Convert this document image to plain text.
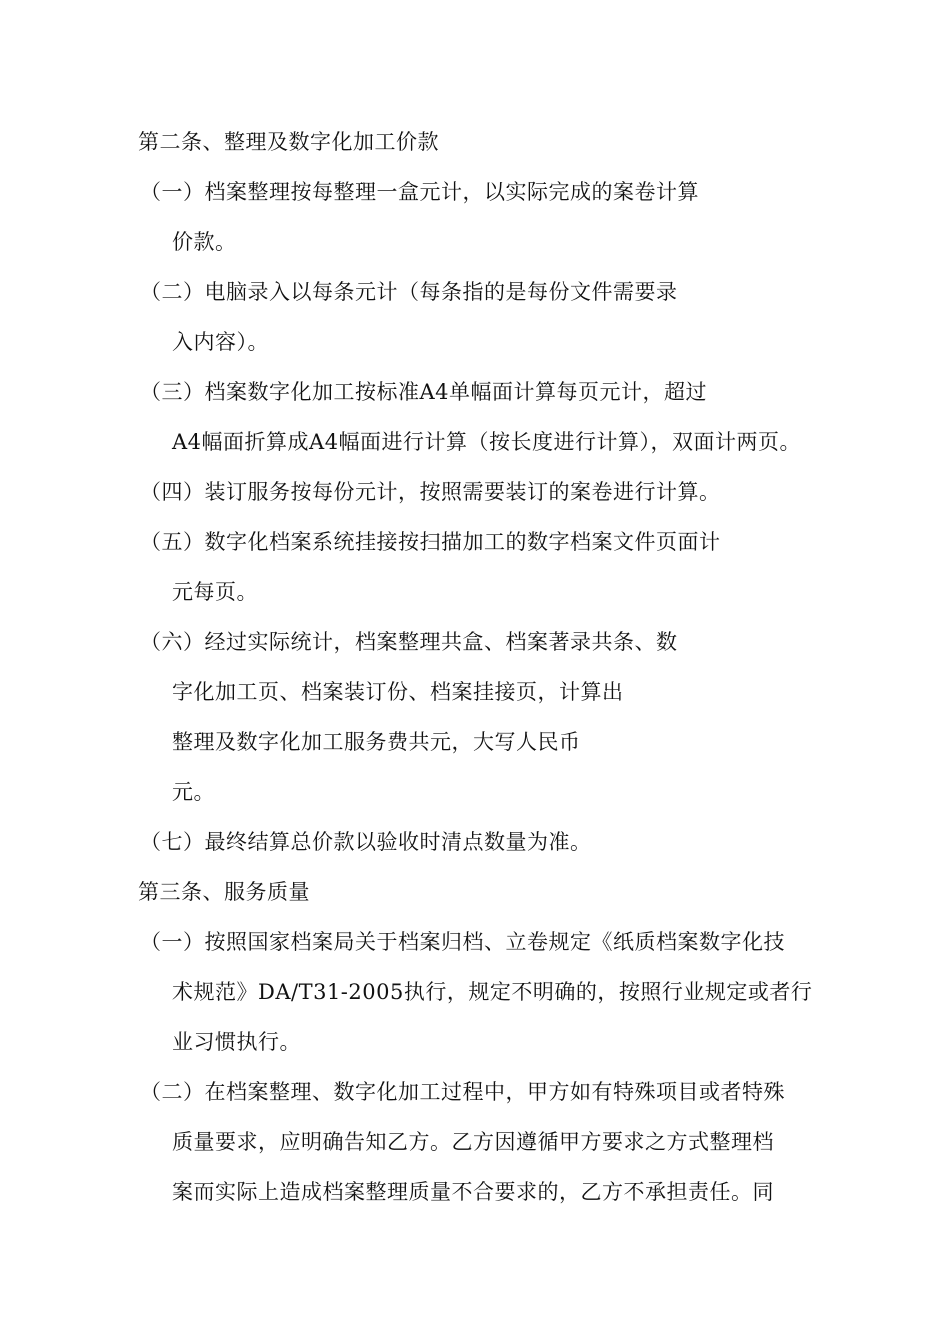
第二条、整理及数字化加工价款
（一）档案整理按每整理一盒元计，以实际完成的案卷计算
价款。
（二）电脑录入以每条元计（每条指的是每份文件需要录
入内容）。
（三）档案数字化加工按标准A4单幅面计算每页元计，超过
A4幅面折算成A4幅面进行计算（按长度进行计算），双面计两页。
（四）装订服务按每份元计，按照需要装订的案卷进行计算。
（五）数字化档案系统挂接按扫描加工的数字档案文件页面计
元每页。
（六）经过实际统计，档案整理共盒、档案著录共条、数
字化加工页、档案装订份、档案挂接页，计算出
整理及数字化加工服务费共元，大写人民币
元。
（七）最终结算总价款以验收时清点数量为准。
第三条、服务质量
（一）按照国家档案局关于档案归档、立卷规定《纸质档案数字化技
术规范》DA/T31-2005执行，规定不明确的，按照行业规定或者行
业习惯执行。
（二）在档案整理、数字化加工过程中，甲方如有特殊项目或者特殊
质量要求，应明确告知乙方。乙方因遵循甲方要求之方式整理档
案而实际上造成档案整理质量不合要求的，乙方不承担责任。同
